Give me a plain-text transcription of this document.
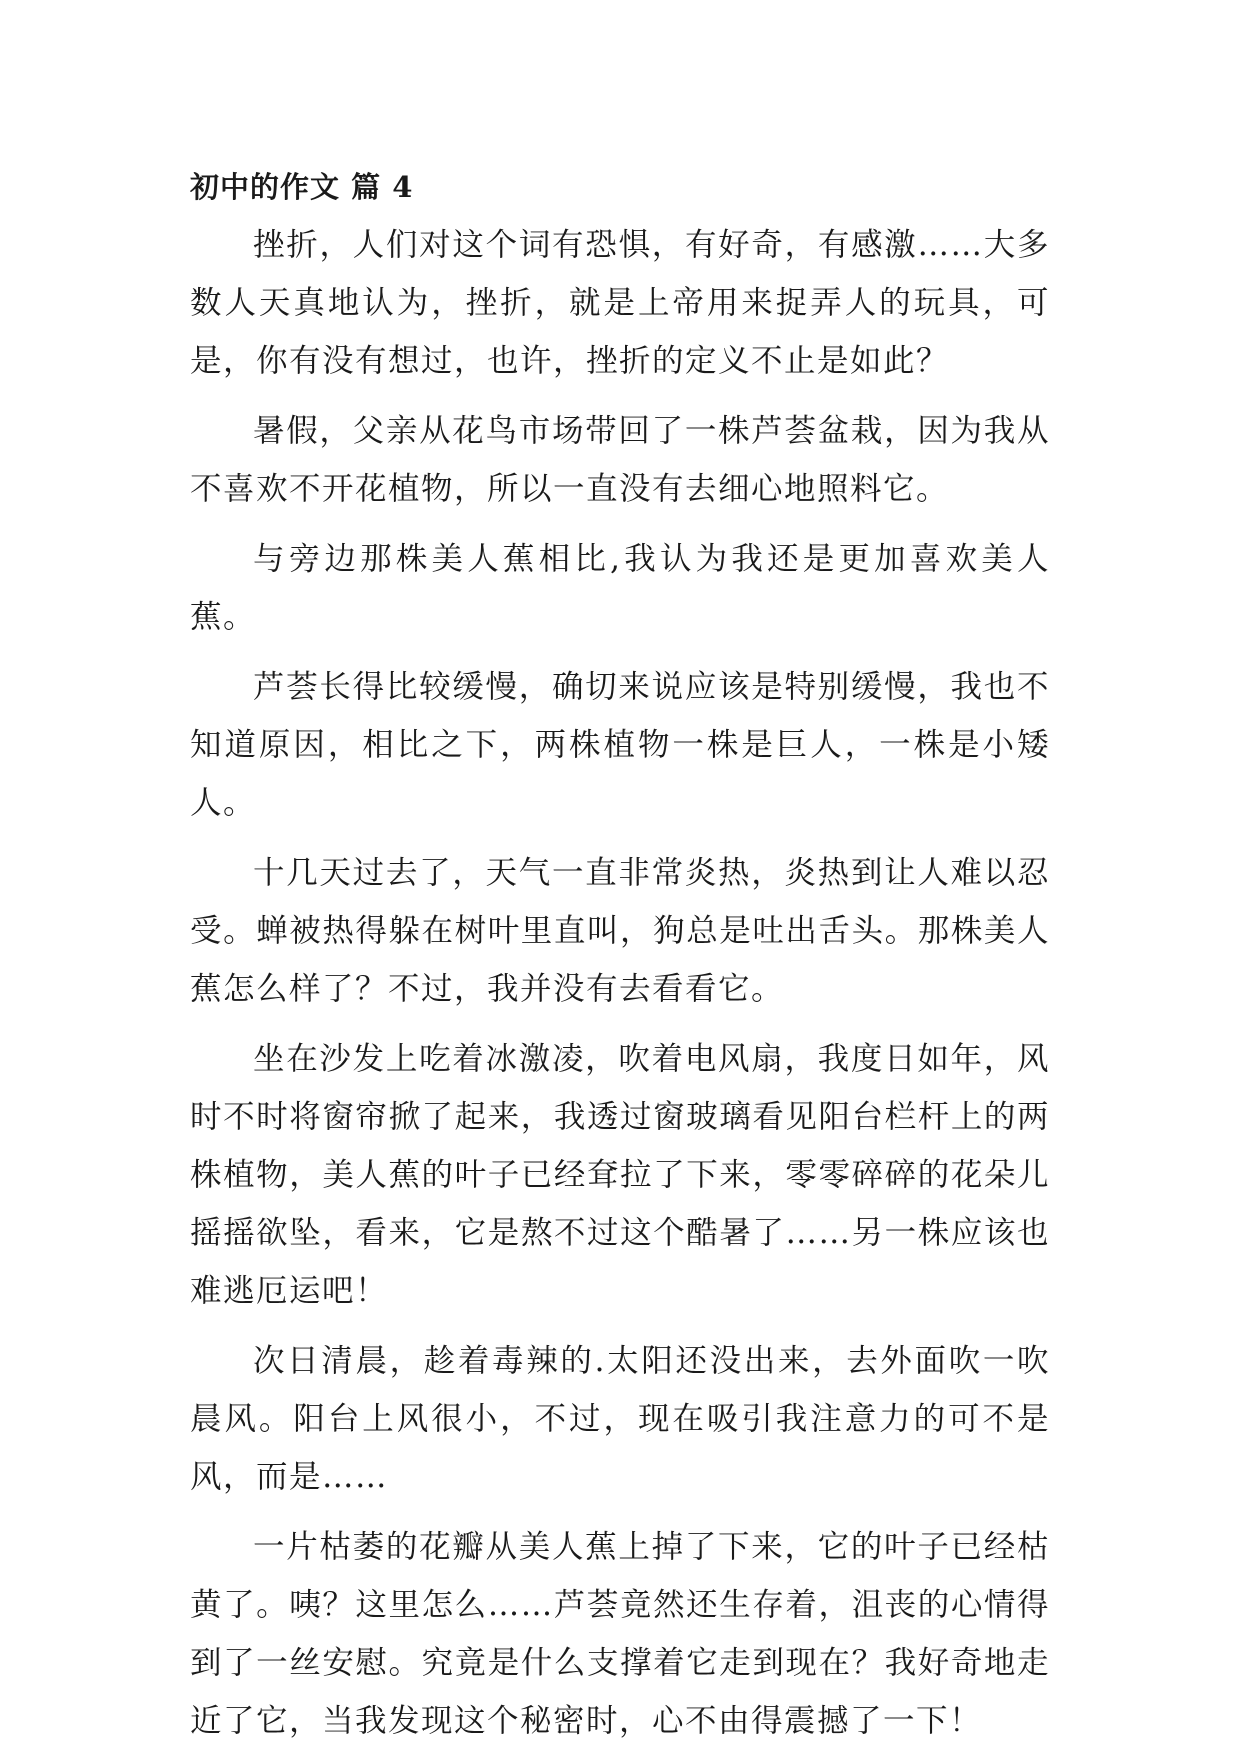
初中的作文 篇 4

挫折，人们对这个词有恐惧，有好奇，有感激……大多数人天真地认为，挫折，就是上帝用来捉弄人的玩具，可是，你有没有想过，也许，挫折的定义不止是如此？

暑假，父亲从花鸟市场带回了一株芦荟盆栽，因为我从不喜欢不开花植物，所以一直没有去细心地照料它。

与旁边那株美人蕉相比,我认为我还是更加喜欢美人蕉。

芦荟长得比较缓慢，确切来说应该是特别缓慢，我也不知道原因，相比之下，两株植物一株是巨人，一株是小矮人。

十几天过去了，天气一直非常炎热，炎热到让人难以忍受。蝉被热得躲在树叶里直叫，狗总是吐出舌头。那株美人蕉怎么样了？不过，我并没有去看看它。

坐在沙发上吃着冰激凌，吹着电风扇，我度日如年，风时不时将窗帘掀了起来，我透过窗玻璃看见阳台栏杆上的两株植物，美人蕉的叶子已经耷拉了下来，零零碎碎的花朵儿摇摇欲坠，看来，它是熬不过这个酷暑了……另一株应该也难逃厄运吧！

次日清晨，趁着毒辣的.太阳还没出来，去外面吹一吹晨风。阳台上风很小，不过，现在吸引我注意力的可不是风，而是……

一片枯萎的花瓣从美人蕉上掉了下来，它的叶子已经枯黄了。咦？这里怎么……芦荟竟然还生存着，沮丧的心情得到了一丝安慰。究竟是什么支撑着它走到现在？我好奇地走近了它，当我发现这个秘密时，心不由得震撼了一下！
